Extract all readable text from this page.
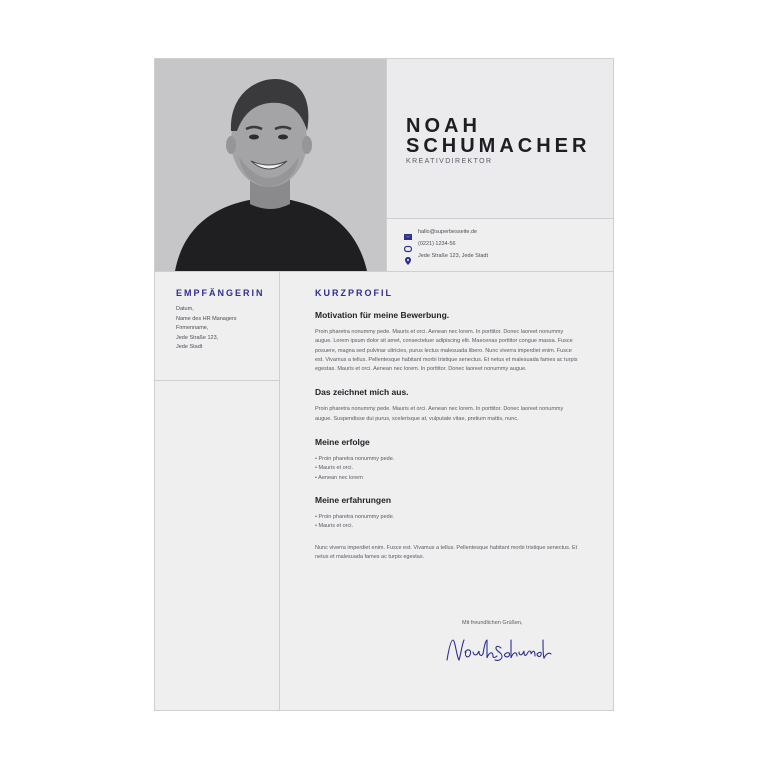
NOAH
SCHUMACHER
KREATIVDIREKTOR
hallo@superbesseite.de
(0221) 1234-56
Jede Straße 123, Jede Stadt
EMPFÄNGERIN
Datum,
Name des HR Managers
Firmenname,
Jede Straße 123,
Jede Stadt
KURZPROFIL
Motivation für meine Bewerbung.

Proin pharetra nonummy pede. Mauris et orci. Aenean nec lorem. In porttitor. Donec laoreet nonummy augue. Lorem ipsum dolor sit amet, consectetuer adipiscing elit. Maecenas porttitor congue massa. Fusce posuere, magna sed pulvinar ultricies, purus lectus malesuada libero. Nunc viverra imperdiet enim. Fusce est. Vivamus a tellus. Pellentesque habitant morbi tristique senectus. Et netus et malesuada fames ac turpis egestas. Mauris et orci. Aenean nec lorem. In porttitor. Donec laoreet nonummy augue.

Das zeichnet mich aus.

Proin pharetra nonummy pede. Mauris et orci. Aenean nec lorem. In porttitor. Donec laoreet nonummy augue. Suspendisse dui purus, scelerisque at, vulputate vitae, pretium mattis, nunc.

Meine erfolge
• Proin pharetra nonummy pede.
• Mauris et orci.
• Aenean nec lorem
Meine erfahrungen
• Proin pharetra nonummy pede.
• Mauris et orci.

Nunc viverra imperdiet enim. Fusce est. Vivamus a tellus. Pellentesque habitant morbi tristique senectus. Et netus et malesuada fames ac turpis egestas.

Mit freundlichen Grüßen,
